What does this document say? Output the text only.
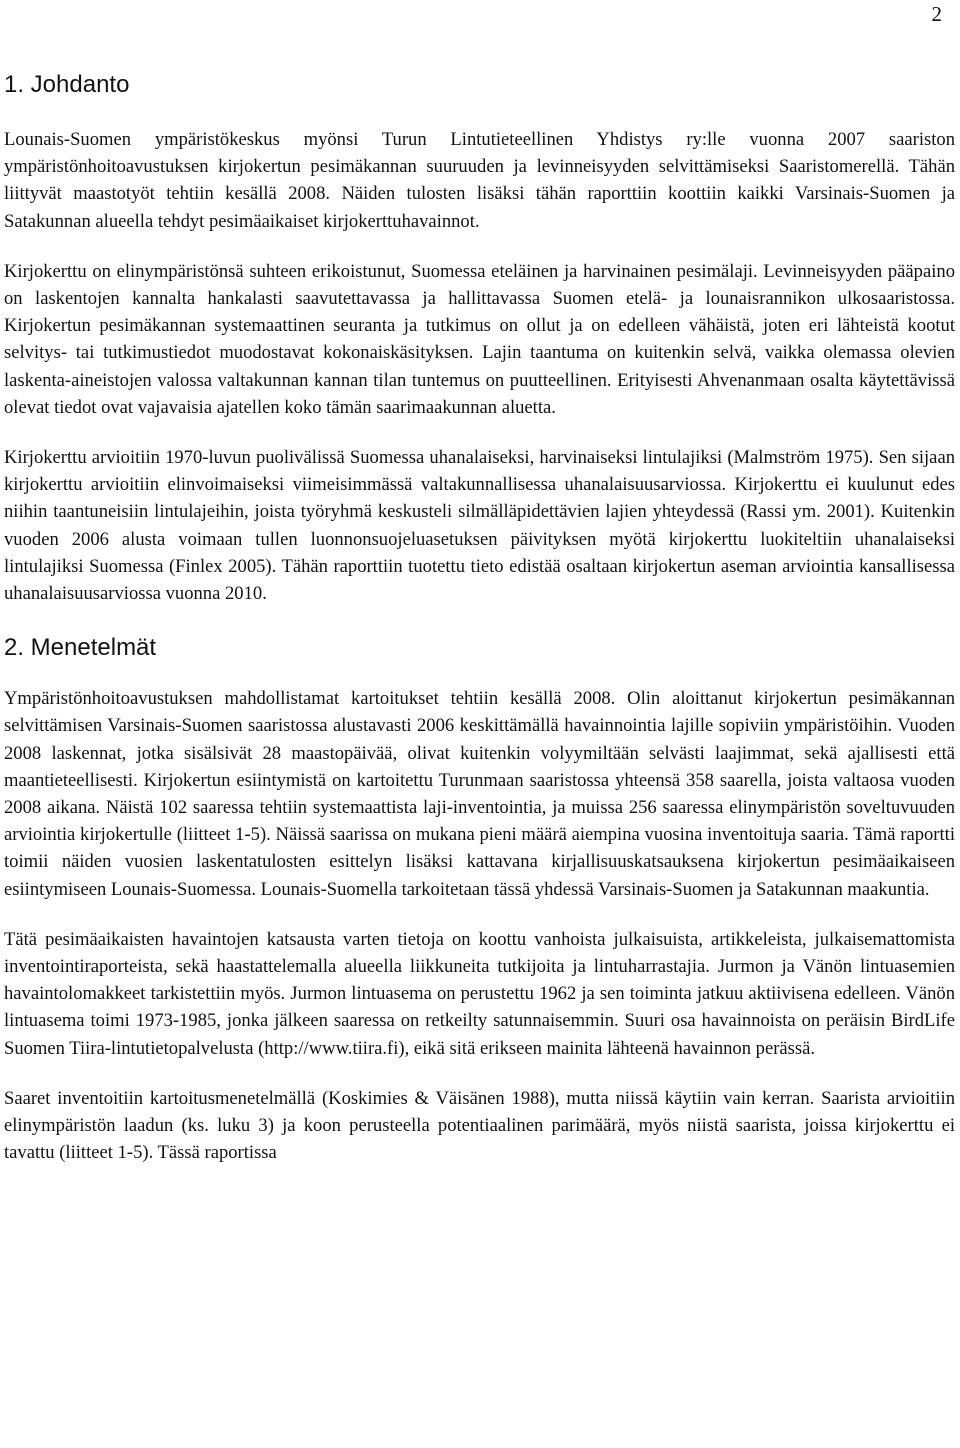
2
1. Johdanto

Lounais-Suomen ympäristökeskus myönsi Turun Lintutieteellinen Yhdistys ry:lle vuonna 2007 saariston ympäristönhoitoavustuksen kirjokertun pesimäkannan suuruuden ja levinneisyyden selvittämiseksi Saaristomerellä. Tähän liittyvät maastotyöt tehtiin kesällä 2008. Näiden tulosten lisäksi tähän raporttiin koottiin kaikki Varsinais-Suomen ja Satakunnan alueella tehdyt pesimäaikaiset kirjokerttuhavainnot.

Kirjokerttu on elinympäristönsä suhteen erikoistunut, Suomessa eteläinen ja harvinainen pesimälaji. Levinneisyyden pääpaino on laskentojen kannalta hankalasti saavutettavassa ja hallittavassa Suomen etelä- ja lounaisrannikon ulkosaaristossa. Kirjokertun pesimäkannan systemaattinen seuranta ja tutkimus on ollut ja on edelleen vähäistä, joten eri lähteistä kootut selvitys- tai tutkimustiedot muodostavat kokonaiskäsityksen. Lajin taantuma on kuitenkin selvä, vaikka olemassa olevien laskenta-aineistojen valossa valtakunnan kannan tilan tuntemus on puutteellinen. Erityisesti Ahvenanmaan osalta käytettävissä olevat tiedot ovat vajavaisia ajatellen koko tämän saarimaakunnan aluetta.

Kirjokerttu arvioitiin 1970-luvun puolivälissä Suomessa uhanalaiseksi, harvinaiseksi lintulajiksi (Malmström 1975). Sen sijaan kirjokerttu arvioitiin elinvoimaiseksi viimeisimmässä valtakunnallisessa uhanalaisuusarviossa. Kirjokerttu ei kuulunut edes niihin taantuneisiin lintulajeihin, joista työryhmä keskusteli silmälläpidettävien lajien yhteydessä (Rassi ym. 2001). Kuitenkin vuoden 2006 alusta voimaan tullen luonnonsuojeluasetuksen päivityksen myötä kirjokerttu luokiteltiin uhanalaiseksi lintulajiksi Suomessa (Finlex 2005). Tähän raporttiin tuotettu tieto edistää osaltaan kirjokertun aseman arviointia kansallisessa uhanalaisuusarviossa vuonna 2010.

2. Menetelmät

Ympäristönhoitoavustuksen mahdollistamat kartoitukset tehtiin kesällä 2008. Olin aloittanut kirjokertun pesimäkannan selvittämisen Varsinais-Suomen saaristossa alustavasti 2006 keskittämällä havainnointia lajille sopiviin ympäristöihin. Vuoden 2008 laskennat, jotka sisälsivät 28 maastopäivää, olivat kuitenkin volyymiltään selvästi laajimmat, sekä ajallisesti että maantieteellisesti. Kirjokertun esiintymistä on kartoitettu Turunmaan saaristossa yhteensä 358 saarella, joista valtaosa vuoden 2008 aikana. Näistä 102 saaressa tehtiin systemaattista laji-inventointia, ja muissa 256 saaressa elinympäristön soveltuvuuden arviointia kirjokertulle (liitteet 1-5). Näissä saarissa on mukana pieni määrä aiempina vuosina inventoituja saaria. Tämä raportti toimii näiden vuosien laskentatulosten esittelyn lisäksi kattavana kirjallisuuskatsauksena kirjokertun pesimäaikaiseen esiintymiseen Lounais-Suomessa. Lounais-Suomella tarkoitetaan tässä yhdessä Varsinais-Suomen ja Satakunnan maakuntia.

Tätä pesimäaikaisten havaintojen katsausta varten tietoja on koottu vanhoista julkaisuista, artikkeleista, julkaisemattomista inventointiraporteista, sekä haastattelemalla alueella liikkuneita tutkijoita ja lintuharrastajia. Jurmon ja Vänön lintuasemien havaintolomakkeet tarkistettiin myös. Jurmon lintuasema on perustettu 1962 ja sen toiminta jatkuu aktiivisena edelleen. Vänön lintuasema toimi 1973-1985, jonka jälkeen saaressa on retkeilty satunnaisemmin. Suuri osa havainnoista on peräisin BirdLife Suomen Tiira-lintutietopalvelusta (http://www.tiira.fi), eikä sitä erikseen mainita lähteenä havainnon perässä.

Saaret inventoitiin kartoitusmenetelmällä (Koskimies & Väisänen 1988), mutta niissä käytiin vain kerran. Saarista arvioitiin elinympäristön laadun (ks. luku 3) ja koon perusteella potentiaalinen parimäärä, myös niistä saarista, joissa kirjokerttu ei tavattu (liitteet 1-5). Tässä raportissa
